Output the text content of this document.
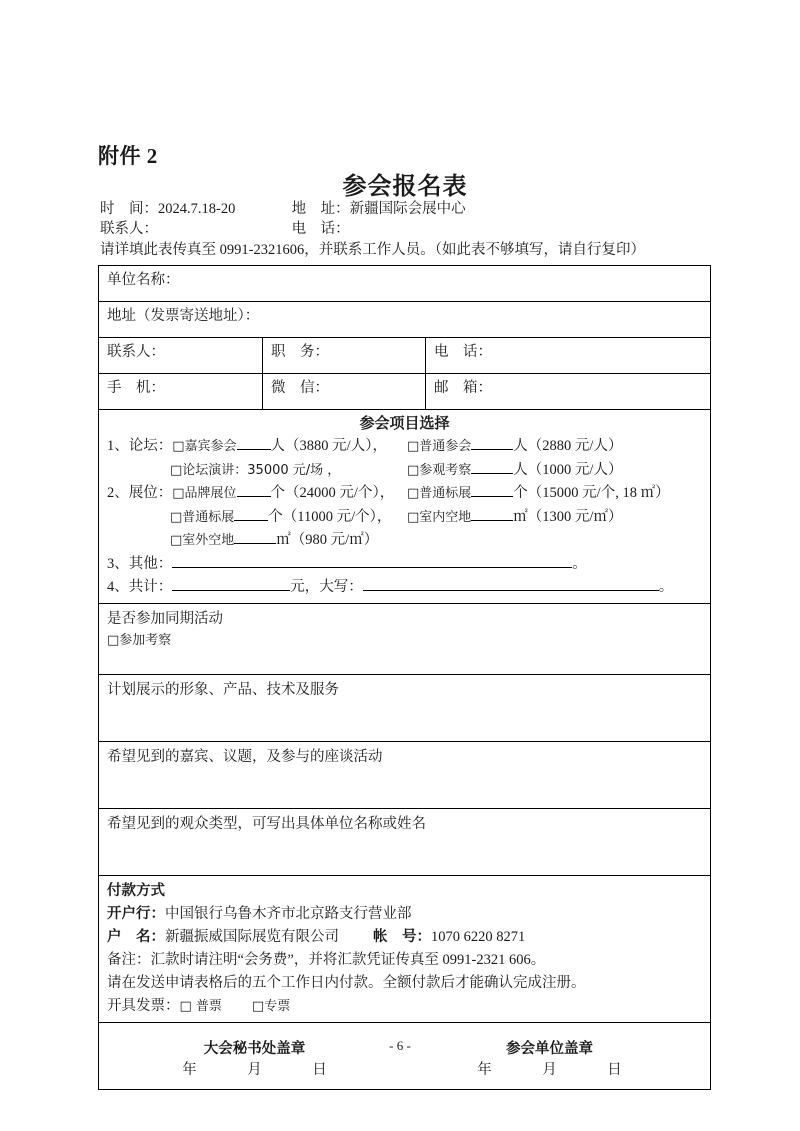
附件 2
参会报名表
时　间：2024.7.18-20	地　址：新疆国际会展中心
联系人：	电　话：
请详填此表传真至 0991-2321606，并联系工作人员。（如此表不够填写，请自行复印）
单位名称：		
地址（发票寄送地址）：		
联系人：	职　务：	电　话：
手　机：	微　信：	邮　箱：

参会项目选择
1、论坛：□嘉宾参会 人（3880 元/人）， □普通参会	人（2880 元/人）
□论坛演讲：35000 元/场 ，	□参观考察	人（1000 元/人）
2、展位：□品牌展位 个（24000 元/个）， □普通标展	个（15000 元/个, 18 ㎡）
□普通标展 个（11000 元/个）， □室内空地	㎡（1300 元/㎡）
□室外空地	㎡（980 元/㎡）
3、其他：	。
4、共计：	元，大写：	。

是否参加同期活动
□参加考察		

计划展示的形象、产品、技术及服务		
希望见到的嘉宾、议题，及参与的座谈活动		
希望见到的观众类型，可写出具体单位名称或姓名		

付款方式
开户行：中国银行乌鲁木齐市北京路支行营业部
户　名：新疆振威国际展览有限公司 帐　号：1070 6220 8271
备注：汇款时请注明“会务费”，并将汇款凭证传真至 0991-2321 606。
请在发送申请表格后的五个工作日内付款。全额付款后才能确认完成注册。
开具发票：□ 普票 □专票

大会秘书处盖章
年　月　日
参会单位盖章
年　月　日		
- 6 -
